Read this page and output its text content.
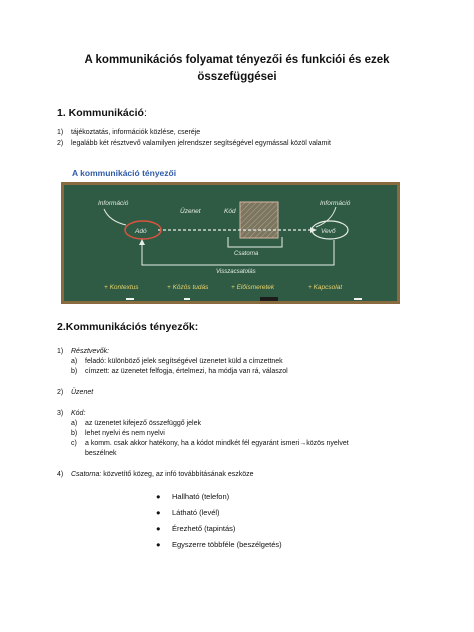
A kommunikációs folyamat tényezői és funkciói és ezek
összefüggései
1. Kommunikáció:
1) tájékoztatás, információk közlése, cseréje
2) legalább két résztvevő valamilyen jelrendszer segítségével egymással közöl valamit
A kommunikáció tényezői
Információ	Információ
Üzenet	Kód
Adó	Vevő
Csatorna
Visszacsatolás
+ Kontextus	+ Közös tudás	+ Előismeretek	+ Kapcsolat
2.Kommunikációs tényezők:
1) Résztvevők:
a) feladó: különböző jelek segítségével üzenetet küld a címzettnek
b) címzett: az üzenetet felfogja, értelmezi, ha módja van rá, válaszol
2) Üzenet
3) Kód:
a) az üzenetet kifejező összefüggő jelek
b) lehet nyelvi és nem nyelvi
c) a komm. csak akkor hatékony, ha a kódot mindkét fél egyaránt ismeri→közös nyelvet
beszélnek
4) Csatorna: közvetítő közeg, az infó továbbításának eszköze
● Hallható (telefon)
● Látható (levél)
● Érezhető (tapintás)
● Egyszerre többféle (beszélgetés)
